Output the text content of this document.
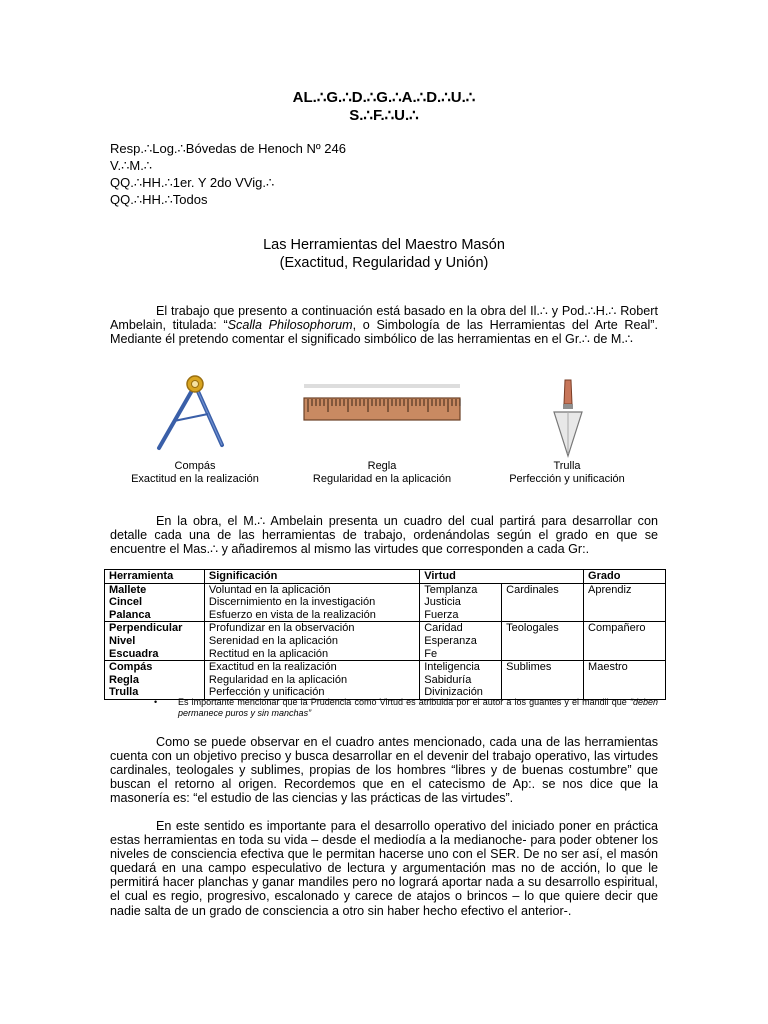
AL.∴G.∴D.∴G.∴A.∴D.∴U.∴
S.∴F.∴U.∴
Resp.∴Log.∴Bóvedas de Henoch Nº 246
V.∴M.∴
QQ.∴HH.∴1er. Y 2do VVig.∴
QQ.∴HH.∴Todos
Las Herramientas del Maestro Masón
(Exactitud, Regularidad y Unión)
El trabajo que presento a continuación está basado en la obra del Il.∴ y Pod.∴H.∴ Robert Ambelain, titulada: “Scalla Philosophorum, o Simbología de las Herramientas del Arte Real”. Mediante él pretendo comentar el significado simbólico de las herramientas en el Gr.∴ de M.∴
Compás
Exactitud en la realización
Regla
Regularidad en la aplicación
Trulla
Perfección y unificación
En la obra, el M.∴ Ambelain presenta un cuadro del cual partirá para desarrollar con detalle cada una de las herramientas de trabajo, ordenándolas según el grado en que se encuentre el Mas.∴ y añadiremos al mismo las virtudes que corresponden a cada Gr:.
Herramienta	Significación	Virtud		Grado
Mallete	Voluntad en la aplicación	Templanza	Cardinales	Aprendiz
Cincel	Discernimiento en la investigación	Justicia		
Palanca	Esfuerzo en vista de la realización	Fuerza		
Perpendicular	Profundizar en la observación	Caridad	Teologales	Compañero
Nivel	Serenidad en la aplicación	Esperanza		
Escuadra	Rectitud en la aplicación	Fe		
Compás	Exactitud en la realización	Inteligencia	Sublimes	Maestro
Regla	Regularidad en la aplicación	Sabiduría		
Trulla	Perfección y unificación	Divinización		
•	Es importante mencionar que la Prudencia como Virtud es atribuida por el autor a los guantes y el mandil que “deben permanece puros y sin manchas”
Como se puede observar en el cuadro antes mencionado, cada una de las herramientas cuenta con un objetivo preciso y busca desarrollar en el devenir del trabajo operativo, las virtudes cardinales, teologales y sublimes, propias de los hombres “libres y de buenas costumbre” que buscan el retorno al origen. Recordemos que en el catecismo de Ap:. se nos dice que la masonería es: “el estudio de las ciencias y las prácticas de las virtudes”.
En este sentido es importante para el desarrollo operativo del iniciado poner en práctica estas herramientas en toda su vida – desde el mediodía a la medianoche- para poder obtener los niveles de consciencia efectiva que le permitan hacerse uno con el SER. De no ser así, el masón quedará en una campo especulativo de lectura y argumentación mas no de acción, lo que le permitirá hacer planchas y ganar mandiles pero no logrará aportar nada a su desarrollo espiritual, el cual es regio, progresivo, escalonado y carece de atajos o brincos – lo que quiere decir que nadie salta de un grado de consciencia a otro sin haber hecho efectivo el anterior-.
